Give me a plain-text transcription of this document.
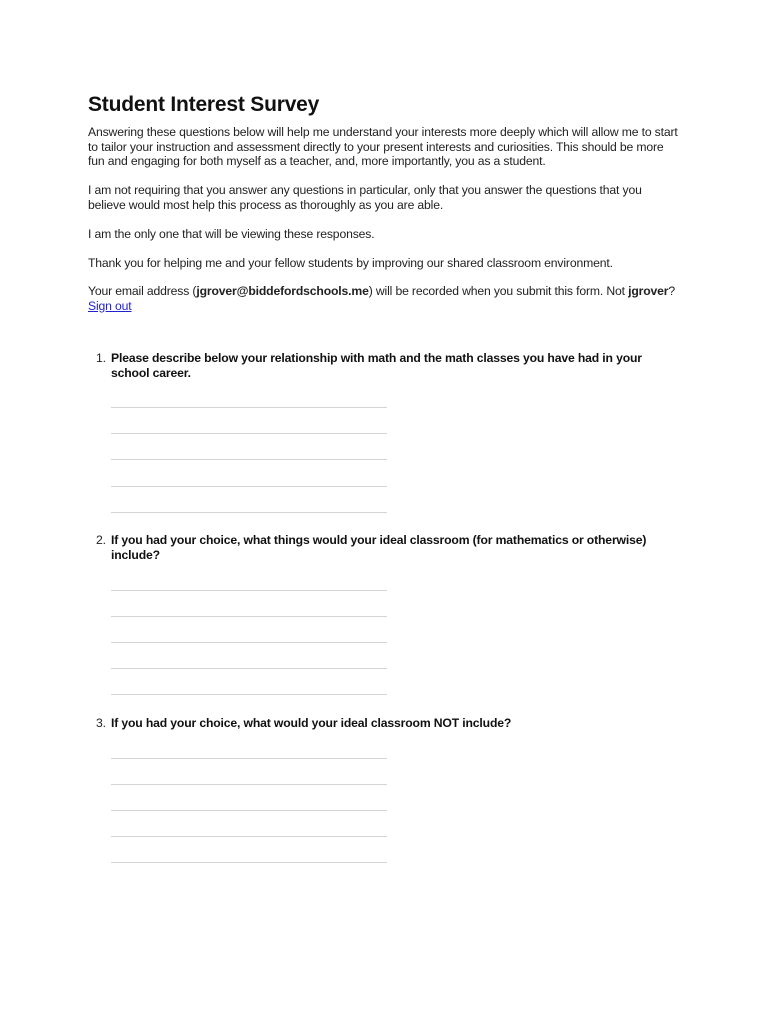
Student Interest Survey

Answering these questions below will help me understand your interests more deeply which will allow me to start to tailor your instruction and assessment directly to your present interests and curiosities. This should be more fun and engaging for both myself as a teacher, and, more importantly, you as a student.

I am not requiring that you answer any questions in particular, only that you answer the questions that you believe would most help this process as thoroughly as you are able.

I am the only one that will be viewing these responses.

Thank you for helping me and your fellow students by improving our shared classroom environment.

Your email address (jgrover@biddefordschools.me) will be recorded when you submit this form. Not jgrover? Sign out

1. Please describe below your relationship with math and the math classes you have had in your school career.
2. If you had your choice, what things would your ideal classroom (for mathematics or otherwise) include?
3. If you had your choice, what would your ideal classroom NOT include?
